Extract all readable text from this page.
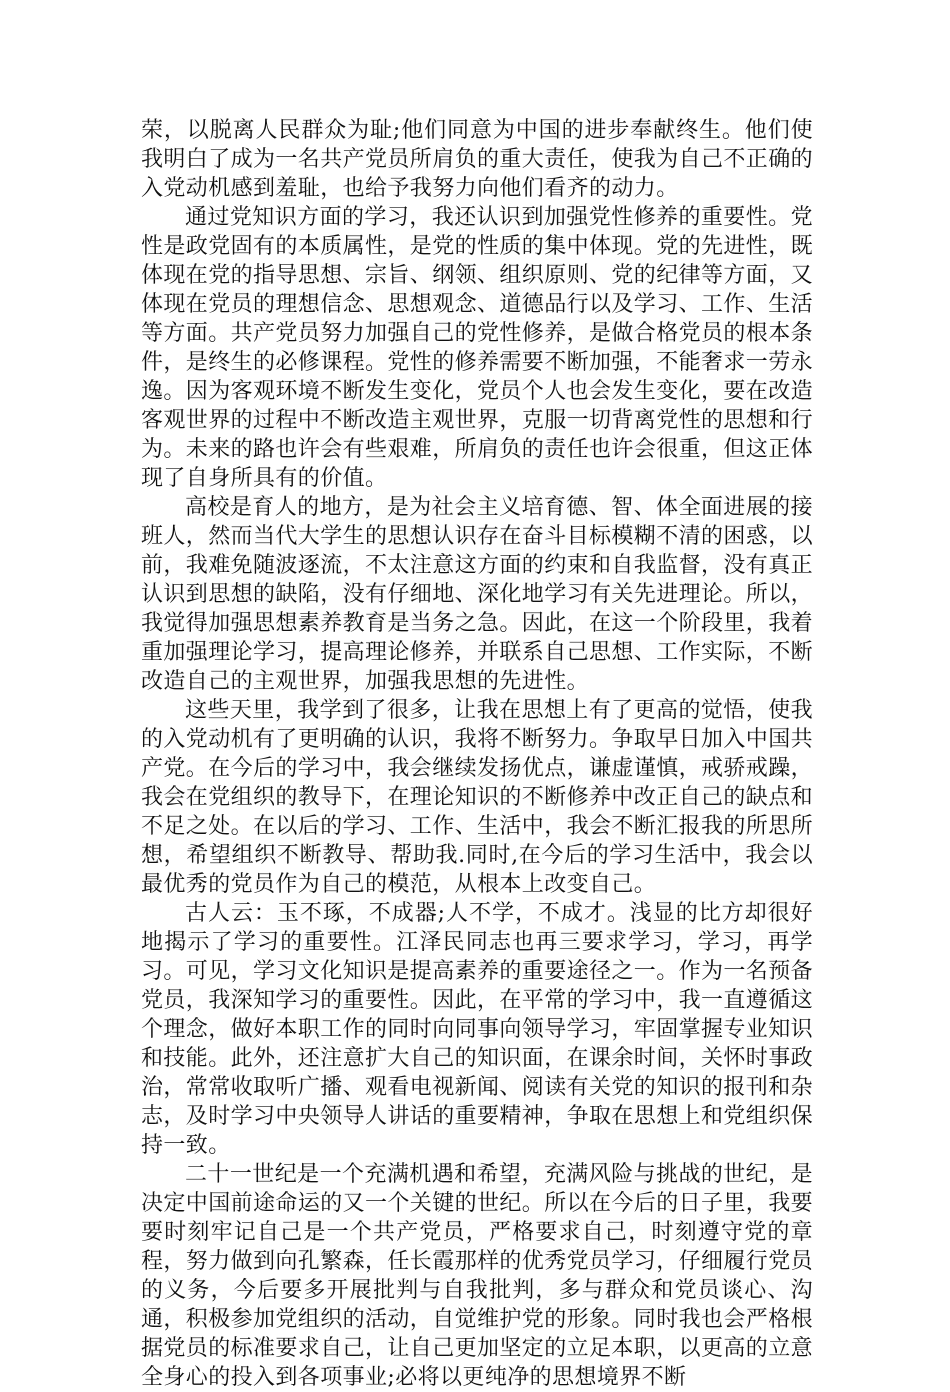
荣，以脱离人民群众为耻;他们同意为中国的进步奉献终生。他们使我明白了成为一名共产党员所肩负的重大责任，使我为自己不正确的入党动机感到羞耻，也给予我努力向他们看齐的动力。

通过党知识方面的学习，我还认识到加强党性修养的重要性。党性是政党固有的本质属性，是党的性质的集中体现。党的先进性，既体现在党的指导思想、宗旨、纲领、组织原则、党的纪律等方面，又体现在党员的理想信念、思想观念、道德品行以及学习、工作、生活等方面。共产党员努力加强自己的党性修养，是做合格党员的根本条件，是终生的必修课程。党性的修养需要不断加强，不能奢求一劳永逸。因为客观环境不断发生变化，党员个人也会发生变化，要在改造客观世界的过程中不断改造主观世界，克服一切背离党性的思想和行为。未来的路也许会有些艰难，所肩负的责任也许会很重，但这正体现了自身所具有的价值。

高校是育人的地方，是为社会主义培育德、智、体全面进展的接班人，然而当代大学生的思想认识存在奋斗目标模糊不清的困惑，以前，我难免随波逐流，不太注意这方面的约束和自我监督，没有真正认识到思想的缺陷，没有仔细地、深化地学习有关先进理论。所以，我觉得加强思想素养教育是当务之急。因此，在这一个阶段里，我着重加强理论学习，提高理论修养，并联系自己思想、工作实际，不断改造自己的主观世界，加强我思想的先进性。

这些天里，我学到了很多，让我在思想上有了更高的觉悟，使我的入党动机有了更明确的认识，我将不断努力。争取早日加入中国共产党。在今后的学习中，我会继续发扬优点，谦虚谨慎，戒骄戒躁，我会在党组织的教导下，在理论知识的不断修养中改正自己的缺点和不足之处。在以后的学习、工作、生活中，我会不断汇报我的所思所想，希望组织不断教导、帮助我.同时,在今后的学习生活中，我会以最优秀的党员作为自己的模范，从根本上改变自己。

古人云：玉不琢，不成器;人不学，不成才。浅显的比方却很好地揭示了学习的重要性。江泽民同志也再三要求学习，学习，再学习。可见，学习文化知识是提高素养的重要途径之一。作为一名预备党员，我深知学习的重要性。因此，在平常的学习中，我一直遵循这个理念，做好本职工作的同时向同事向领导学习，牢固掌握专业知识和技能。此外，还注意扩大自己的知识面，在课余时间，关怀时事政治，常常收取听广播、观看电视新闻、阅读有关党的知识的报刊和杂志，及时学习中央领导人讲话的重要精神，争取在思想上和党组织保持一致。

二十一世纪是一个充满机遇和希望，充满风险与挑战的世纪，是决定中国前途命运的又一个关键的世纪。所以在今后的日子里，我要要时刻牢记自己是一个共产党员，严格要求自己，时刻遵守党的章程，努力做到向孔繁森，任长霞那样的优秀党员学习，仔细履行党员的义务，今后要多开展批判与自我批判，多与群众和党员谈心、沟通，积极参加党组织的活动，自觉维护党的形象。同时我也会严格根据党员的标准要求自己，让自己更加坚定的立足本职，以更高的立意全身心的投入到各项事业;必将以更纯净的思想境界不断
